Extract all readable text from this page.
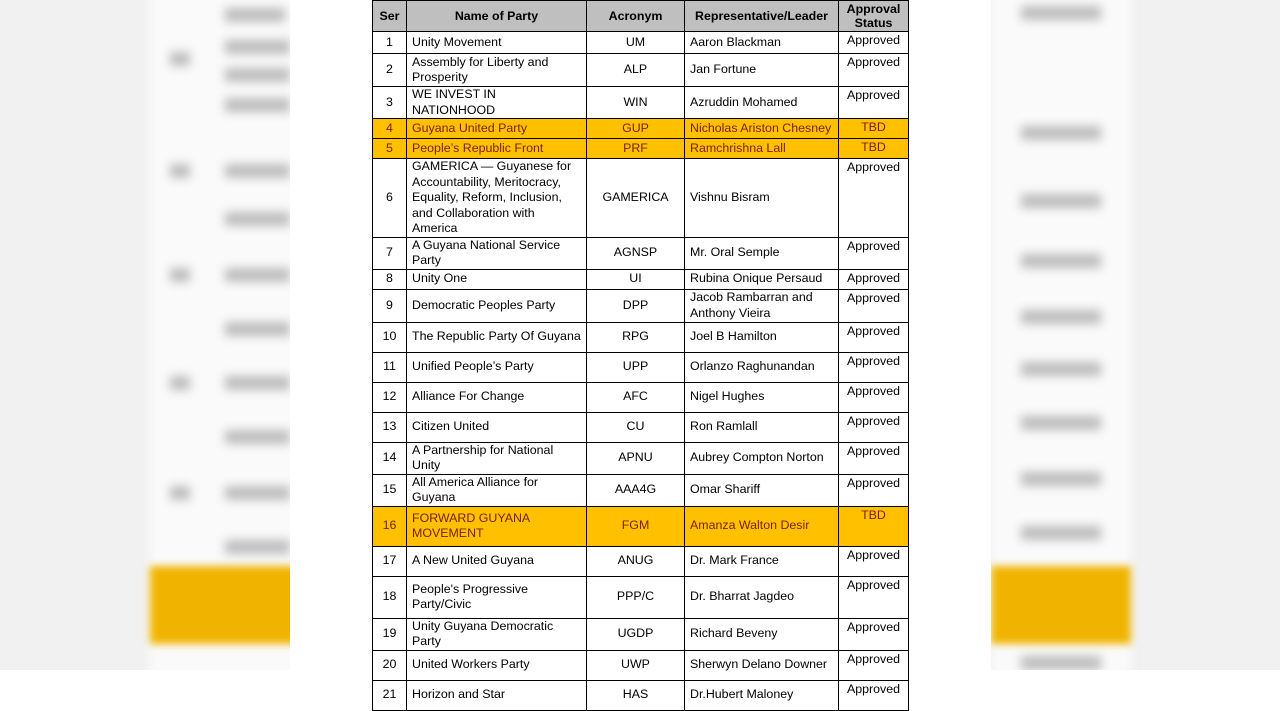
Ser	Name of Party	Acronym	Representative/Leader	Approval Status
1	Unity Movement	UM	Aaron Blackman	Approved
2	Assembly for Liberty and Prosperity	ALP	Jan Fortune	Approved
3	WE INVEST IN NATIONHOOD	WIN	Azruddin Mohamed	Approved
4	Guyana United Party	GUP	Nicholas Ariston Chesney	TBD
5	People’s Republic Front	PRF	Ramchrishna Lall	TBD
6	GAMERICA — Guyanese for Accountability, Meritocracy, Equality, Reform, Inclusion, and Collaboration with America	GAMERICA	Vishnu Bisram	Approved
7	A Guyana National Service Party	AGNSP	Mr. Oral Semple	Approved
8	Unity One	UI	Rubina Onique Persaud	Approved
9	Democratic Peoples Party	DPP	Jacob Rambarran and Anthony Vieira	Approved
10	The Republic Party Of Guyana	RPG	Joel B Hamilton	Approved
11	Unified People’s Party	UPP	Orlanzo Raghunandan	Approved
12	Alliance For Change	AFC	Nigel Hughes	Approved
13	Citizen United	CU	Ron Ramlall	Approved
14	A Partnership for National Unity	APNU	Aubrey Compton Norton	Approved
15	All America Alliance for Guyana	AAA4G	Omar Shariff	Approved
16	FORWARD GUYANA MOVEMENT	FGM	Amanza Walton Desir	TBD
17	A New United Guyana	ANUG	Dr. Mark France	Approved
18	People's Progressive Party/Civic	PPP/C	Dr. Bharrat Jagdeo	Approved
19	Unity Guyana Democratic Party	UGDP	Richard Beveny	Approved
20	United Workers Party	UWP	Sherwyn Delano Downer	Approved
21	Horizon and Star	HAS	Dr.Hubert Maloney	Approved
